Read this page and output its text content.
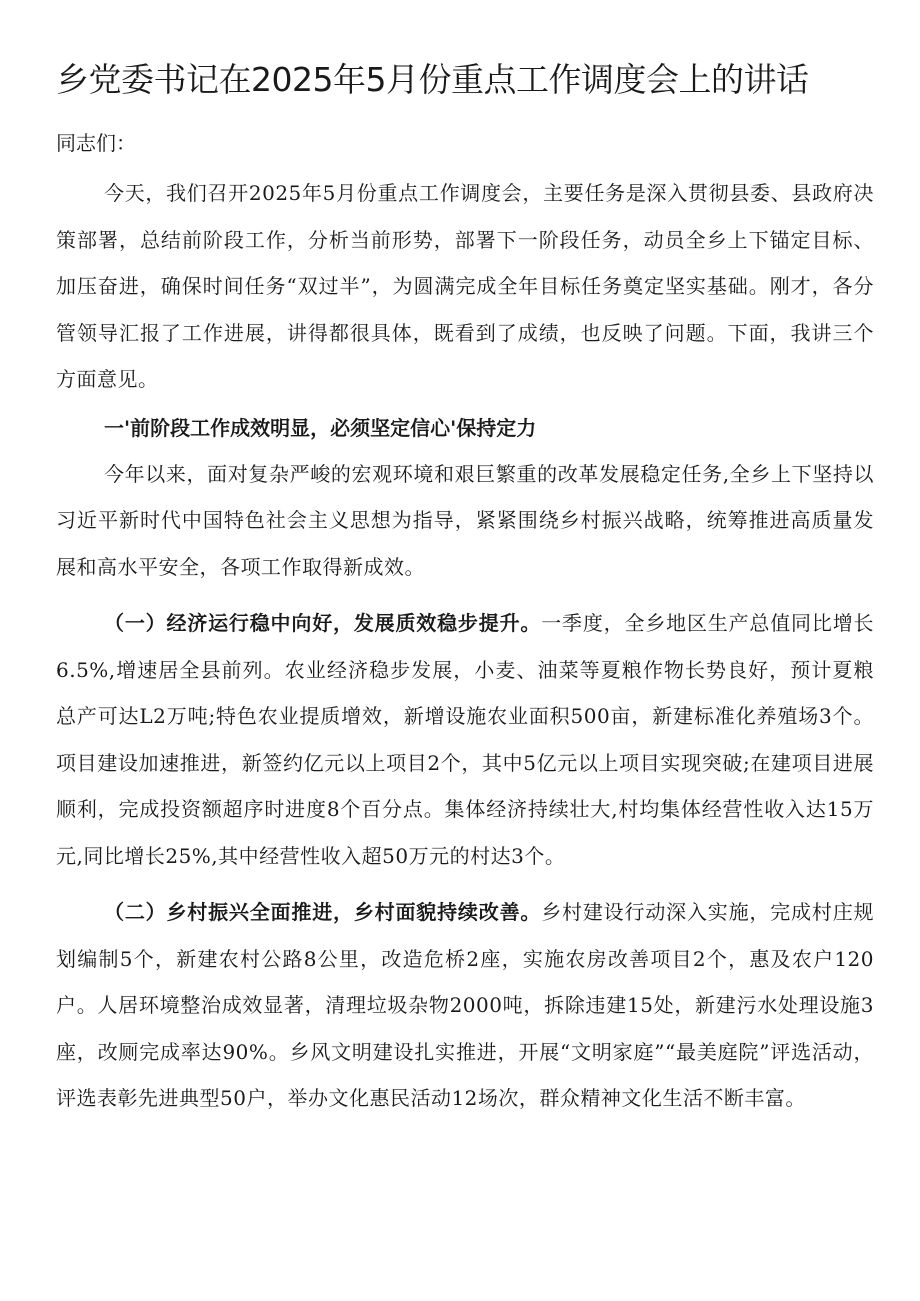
乡党委书记在2025年5月份重点工作调度会上的讲话

同志们：

今天，我们召开2025年5月份重点工作调度会，主要任务是深入贯彻县委、县政府决策部署，总结前阶段工作，分析当前形势，部署下一阶段任务，动员全乡上下锚定目标、加压奋进，确保时间任务“双过半”，为圆满完成全年目标任务奠定坚实基础。刚才，各分管领导汇报了工作进展，讲得都很具体，既看到了成绩，也反映了问题。下面，我讲三个方面意见。

一'前阶段工作成效明显，必须坚定信心'保持定力

今年以来，面对复杂严峻的宏观环境和艰巨繁重的改革发展稳定任务,全乡上下坚持以习近平新时代中国特色社会主义思想为指导，紧紧围绕乡村振兴战略，统筹推进高质量发展和高水平安全，各项工作取得新成效。

（一）经济运行稳中向好，发展质效稳步提升。一季度，全乡地区生产总值同比增长6.5%,增速居全县前列。农业经济稳步发展，小麦、油菜等夏粮作物长势良好，预计夏粮总产可达L2万吨;特色农业提质增效，新增设施农业面积500亩，新建标准化养殖场3个。项目建设加速推进，新签约亿元以上项目2个，其中5亿元以上项目实现突破;在建项目进展顺利，完成投资额超序时进度8个百分点。集体经济持续壮大,村均集体经营性收入达15万元,同比增长25%,其中经营性收入超50万元的村达3个。

（二）乡村振兴全面推进，乡村面貌持续改善。乡村建设行动深入实施，完成村庄规划编制5个，新建农村公路8公里，改造危桥2座，实施农房改善项目2个，惠及农户120户。人居环境整治成效显著，清理垃圾杂物2000吨，拆除违建15处，新建污水处理设施3座，改厕完成率达90%。乡风文明建设扎实推进，开展“文明家庭”“最美庭院”评选活动，评选表彰先进典型50户，举办文化惠民活动12场次，群众精神文化生活不断丰富。
